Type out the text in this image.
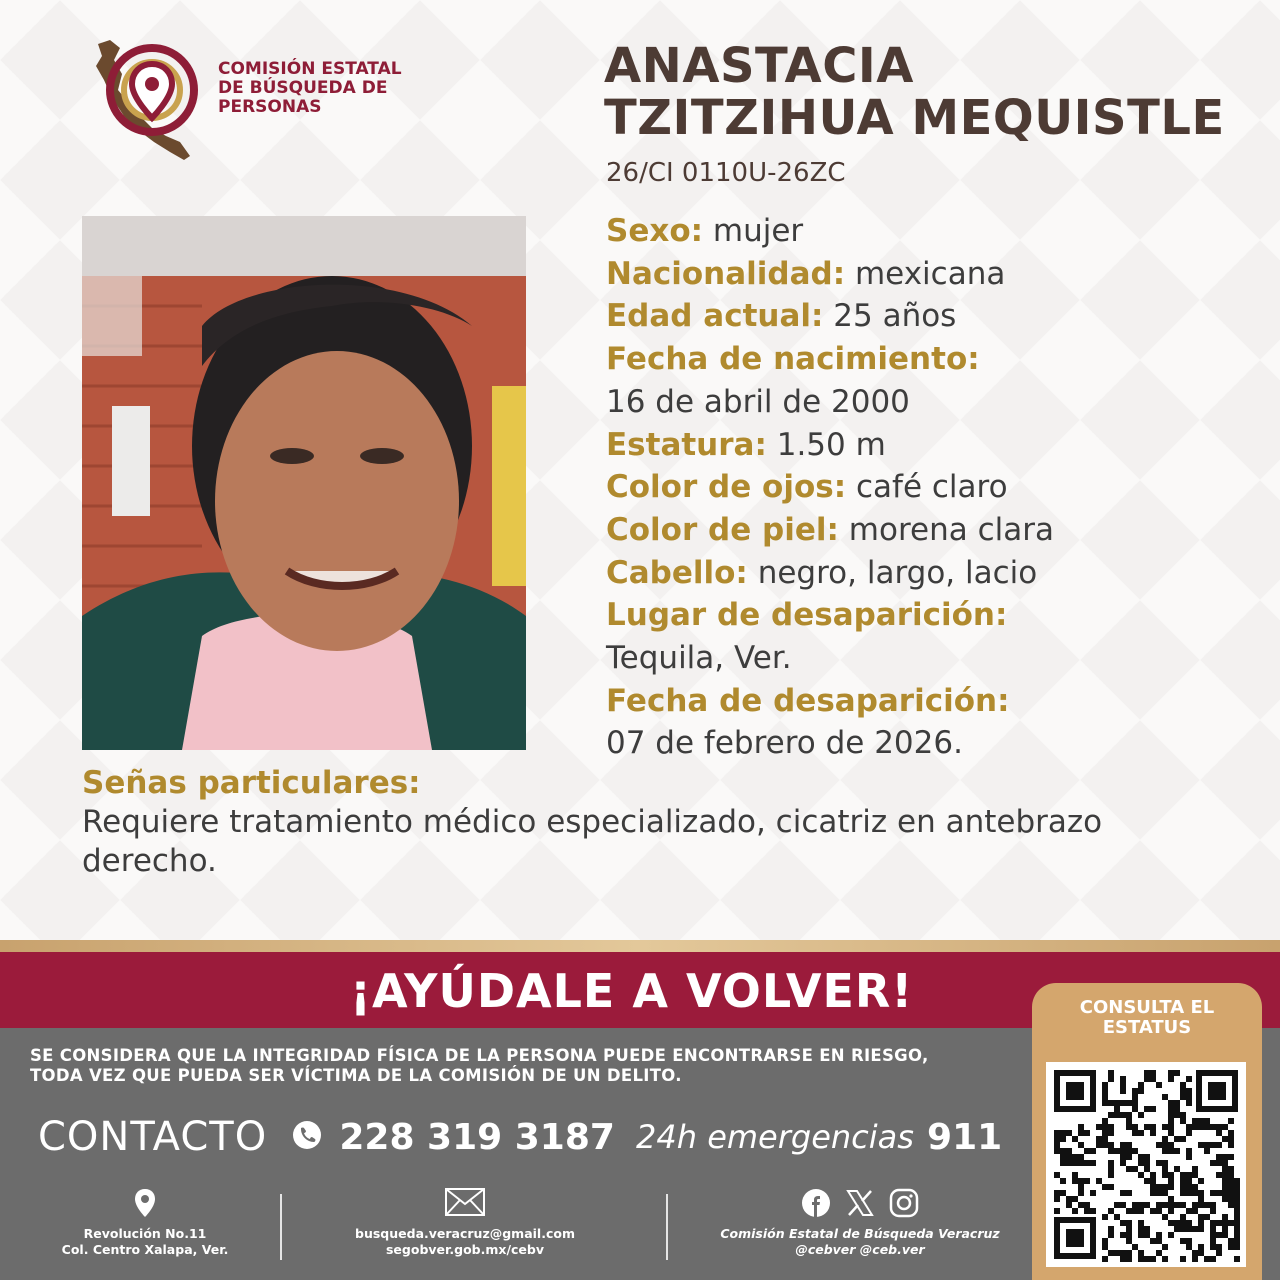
COMISIÓN ESTATAL
DE BÚSQUEDA DE
PERSONAS
ANASTACIA
TZITZIHUA MEQUISTLE
26/CI 0110U-26ZC
Sexo: mujer
Nacionalidad: mexicana
Edad actual: 25 años
Fecha de nacimiento:
16 de abril de 2000
Estatura: 1.50 m
Color de ojos: café claro
Color de piel: morena clara
Cabello: negro, largo, lacio
Lugar de desaparición:
Tequila, Ver.
Fecha de desaparición:
07 de febrero de 2026.
Señas particulares:
Requiere tratamiento médico especializado, cicatriz en antebrazo derecho.
¡AYÚDALE A VOLVER!
SE CONSIDERA QUE LA INTEGRIDAD FÍSICA DE LA PERSONA PUEDE ENCONTRARSE EN RIESGO,
TODA VEZ QUE PUEDA SER VÍCTIMA DE LA COMISIÓN DE UN DELITO.
CONTACTO 228 319 3187 24h emergencias 911
Revolución No.11
Col. Centro Xalapa, Ver.
busqueda.veracruz@gmail.com
segobver.gob.mx/cebv
Comisión Estatal de Búsqueda Veracruz
@cebver @ceb.ver
CONSULTA EL
ESTATUS
